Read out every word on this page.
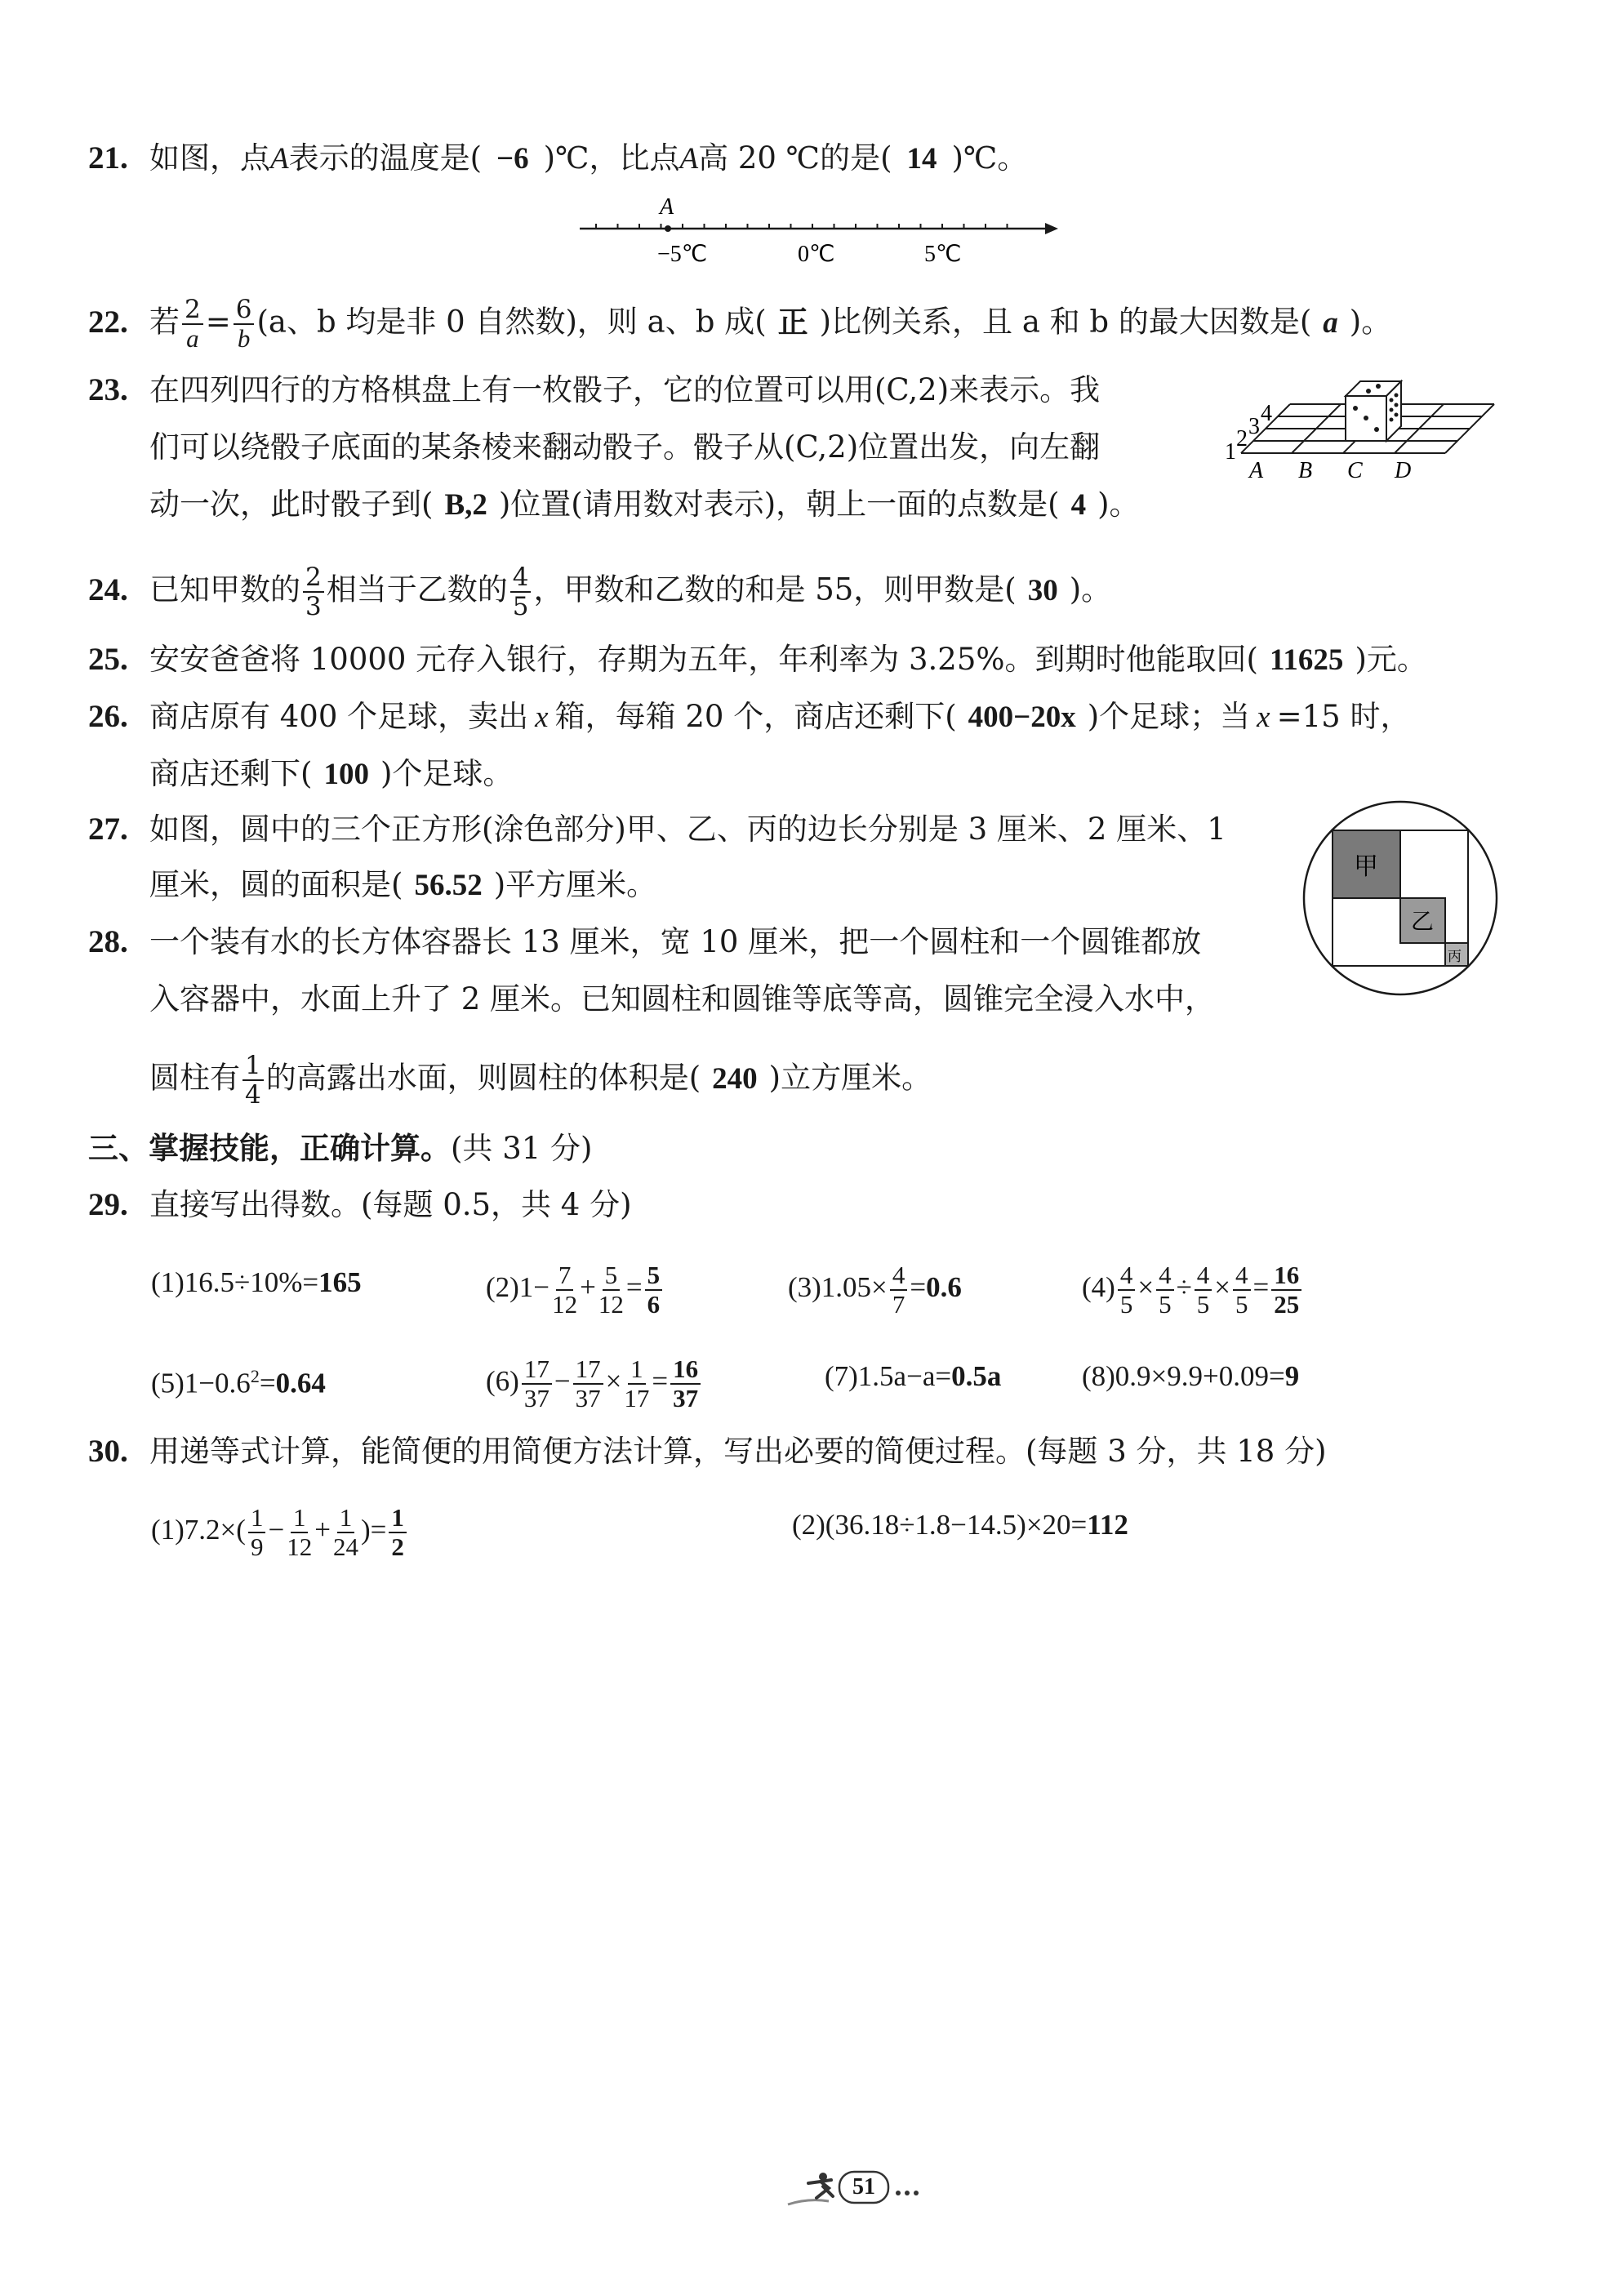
21. 如图，点A表示的温度是( −6 )℃，比点A高 20 ℃的是( 14 )℃。
A
−5℃	0℃	5℃
22. 若 $\frac{2}{a} = \frac{6}{b} (a$、b 均是非 0 自然数)，则 a、b 成( 正 )比例关系，且 a 和 b 的最大因数是( a )。
23. 在四列四行的方格棋盘上有一枚骰子，它的位置可以用(C,2)来表示。我
们可以绕骰子底面的某条棱来翻动骰子。骰子从(C,2)位置出发，向左翻
动一次，此时骰子到( B,2 )位置(请用数对表示)，朝上一面的点数是( 4 )。
1
2 3
4
A B C D
24. 已知甲数的 $\frac{2}{3}$ 相当于乙数的 $\frac{4}{5}$ ，甲数和乙数的和是 55，则甲数是( 30 )。
25. 安安爸爸将 10000 元存入银行，存期为五年，年利率为 3.25%。到期时他能取回( 11625 )元。
26. 商店原有 400 个足球，卖出 x 箱，每箱 20 个，商店还剩下( 400−20x )个足球；当 x =15 时，
商店还剩下( 100 )个足球。
27. 如图，圆中的三个正方形(涂色部分)甲、乙、丙的边长分别是 3 厘米、2 厘米、1
厘米，圆的面积是( 56.52 )平方厘米。
甲
乙
丙
28. 一个装有水的长方体容器长 13 厘米，宽 10 厘米，把一个圆柱和一个圆锥都放
入容器中，水面上升了 2 厘米。已知圆柱和圆锥等底等高，圆锥完全浸入水中，
圆柱有 $\frac{1}{4}$ 的高露出水面，则圆柱的体积是( 240 )立方厘米。
三、掌握技能，正确计算。(共 31 分)
29. 直接写出得数。(每题 0.5，共 4 分)
(1)16.5÷10%=165	$(2)1- \frac{7}{12} + \frac{5}{12} = \frac{5}{6}$	$(3)1.05\times \frac{4}{7} =0.6$	$(4) \frac{4}{5} \times \frac{4}{5} \div \frac{4}{5} \times \frac{4}{5} = \frac{16}{25}$
$(5)1-0.6^2=0.64$	$(6) \frac{17}{37} - \frac{17}{37} \times \frac{1}{17} = \frac{16}{37}$	(7)1.5a−a=0.5a	(8)0.9×9.9+0.09=9
30. 用递等式计算，能简便的用简便方法计算，写出必要的简便过程。(每题 3 分，共 18 分)
$(1)7.2\times( \frac{1}{9} - \frac{1}{12} + \frac{1}{24}$ )= $\frac{1}{2}$	(2)(36.18÷1.8−14.5)×20=112
51
